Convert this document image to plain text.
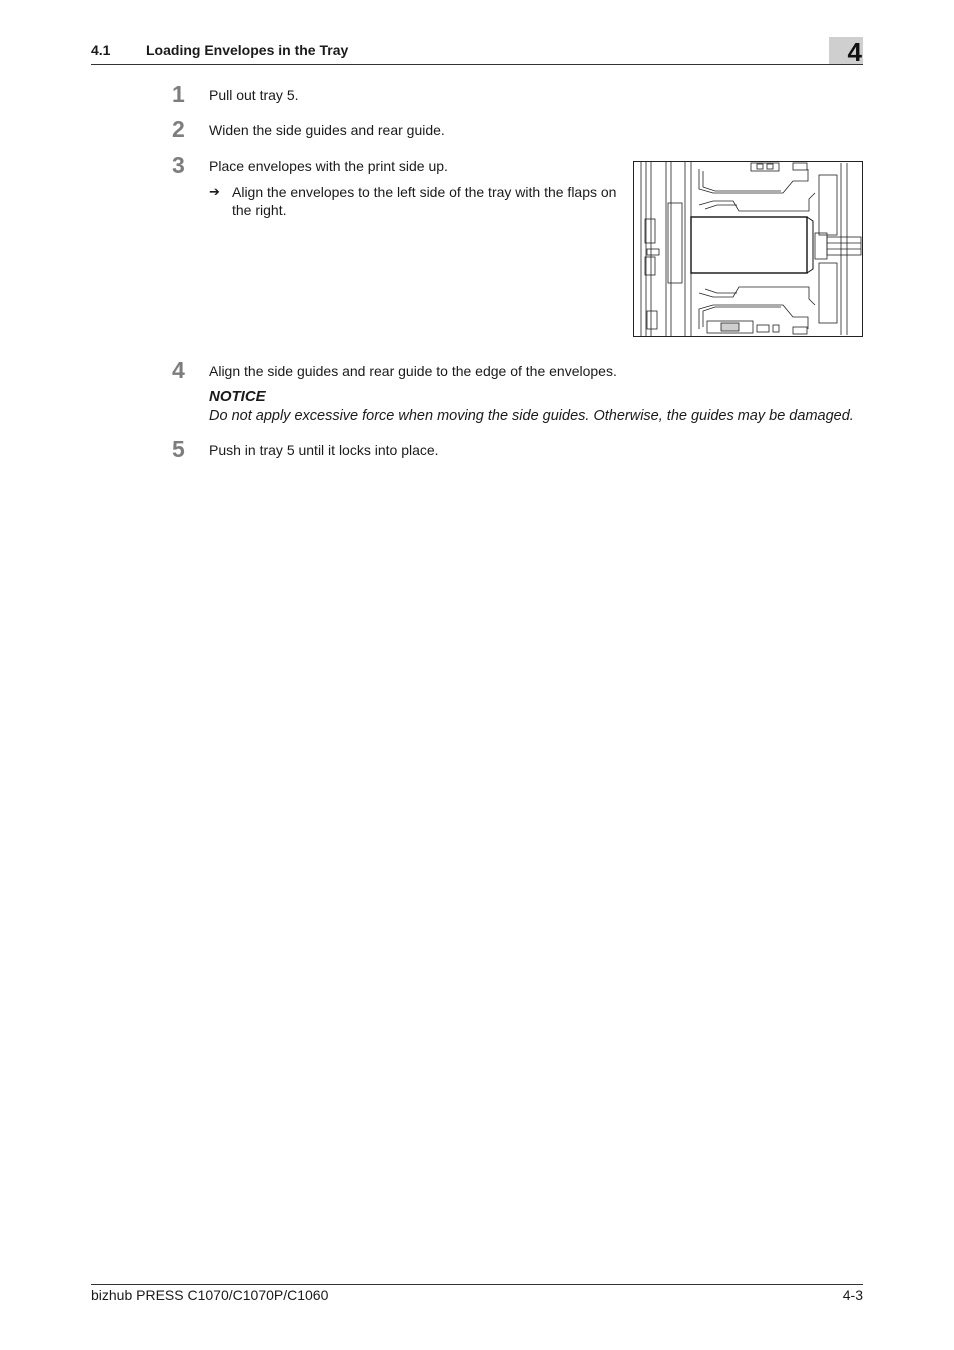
4.1	Loading Envelopes in the Tray	4
1 Pull out tray 5.
2 Widen the side guides and rear guide.
3 Place envelopes with the print side up.
➔ Align the envelopes to the left side of the tray with the flaps on the right.
4 Align the side guides and rear guide to the edge of the envelopes.
NOTICE
Do not apply excessive force when moving the side guides. Otherwise, the guides may be damaged.
5 Push in tray 5 until it locks into place.
bizhub PRESS C1070/C1070P/C1060	4-3
